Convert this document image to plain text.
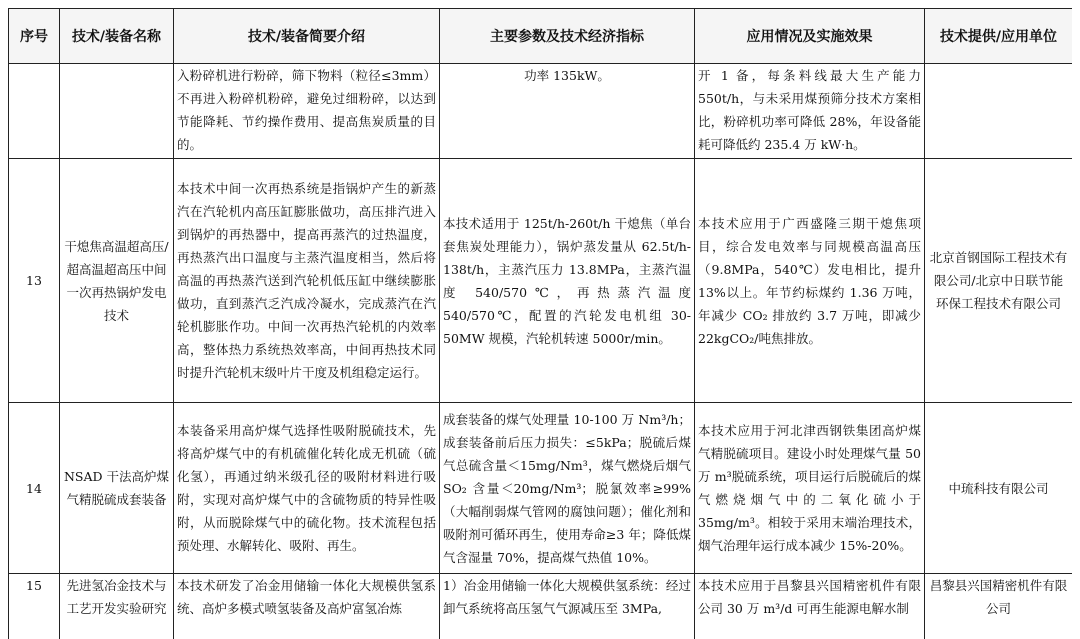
序号	技术/装备名称	技术/装备简要介绍	主要参数及技术经济指标	应用情况及实施效果	技术提供/应用单位
		入粉碎机进行粉碎，筛下物料（粒径≤3mm）不再进入粉碎机粉碎，避免过细粉碎，以达到节能降耗、节约操作费用、提高焦炭质量的目的。	功率 135kW。	开 1 备，每条料线最大生产能力 550t/h，与未采用煤预筛分技术方案相比，粉碎机功率可降低 28%，年设备能耗可降低约 235.4 万 kW·h。	
13	干熄焦高温超高压/超高温超高压中间一次再热锅炉发电技术	本技术中间一次再热系统是指锅炉产生的新蒸汽在汽轮机内高压缸膨胀做功，高压排汽进入到锅炉的再热器中，提高再蒸汽的过热温度，再热蒸汽出口温度与主蒸汽温度相当，然后将高温的再热蒸汽送到汽轮机低压缸中继续膨胀做功，直到蒸汽乏汽成冷凝水，完成蒸汽在汽轮机膨胀作功。中间一次再热汽轮机的内效率高，整体热力系统热效率高，中间再热技术同时提升汽轮机末级叶片干度及机组稳定运行。	本技术适用于 125t/h-260t/h 干熄焦（单台套焦炭处理能力），锅炉蒸发量从 62.5t/h-138t/h，主蒸汽压力 13.8MPa，主蒸汽温度 540/570℃，再热蒸汽温度 540/570℃，配置的汽轮发电机组 30-50MW 规模，汽轮机转速 5000r/min。	本技术应用于广西盛隆三期干熄焦项目，综合发电效率与同规模高温高压（9.8MPa，540℃）发电相比，提升 13%以上。年节约标煤约 1.36 万吨，年减少 CO₂ 排放约 3.7 万吨，即减少 22kgCO₂/吨焦排放。	北京首钢国际工程技术有限公司/北京中日联节能环保工程技术有限公司
14	NSAD 干法高炉煤气精脱硫成套装备	本装备采用高炉煤气选择性吸附脱硫技术，先将高炉煤气中的有机硫催化转化成无机硫（硫化氢），再通过纳米级孔径的吸附材料进行吸附，实现对高炉煤气中的含硫物质的特异性吸附，从而脱除煤气中的硫化物。技术流程包括预处理、水解转化、吸附、再生。	成套装备的煤气处理量 10-100 万 Nm³/h；成套装备前后压力损失：≤5kPa；脱硫后煤气总硫含量＜15mg/Nm³，煤气燃烧后烟气 SO₂ 含量＜20mg/Nm³；脱氯效率≥99%（大幅削弱煤气管网的腐蚀问题）；催化剂和吸附剂可循环再生，使用寿命≥3 年；降低煤气含湿量 70%，提高煤气热值 10%。	本技术应用于河北津西钢铁集团高炉煤气精脱硫项目。建设小时处理煤气量 50 万 m³脱硫系统，项目运行后脱硫后的煤气燃烧烟气中的二氧化硫小于 35mg/m³。相较于采用末端治理技术，烟气治理年运行成本减少 15%-20%。	中琉科技有限公司
15	先进氢冶金技术与工艺开发实验研究	本技术研发了冶金用储输一体化大规模供氢系统、高炉多模式喷氢装备及高炉富氢冶炼	1）冶金用储输一体化大规模供氢系统：经过卸气系统将高压氢气气源减压至 3MPa,	本技术应用于昌黎县兴国精密机件有限公司 30 万 m³/d 可再生能源电解水制	昌黎县兴国精密机件有限公司
